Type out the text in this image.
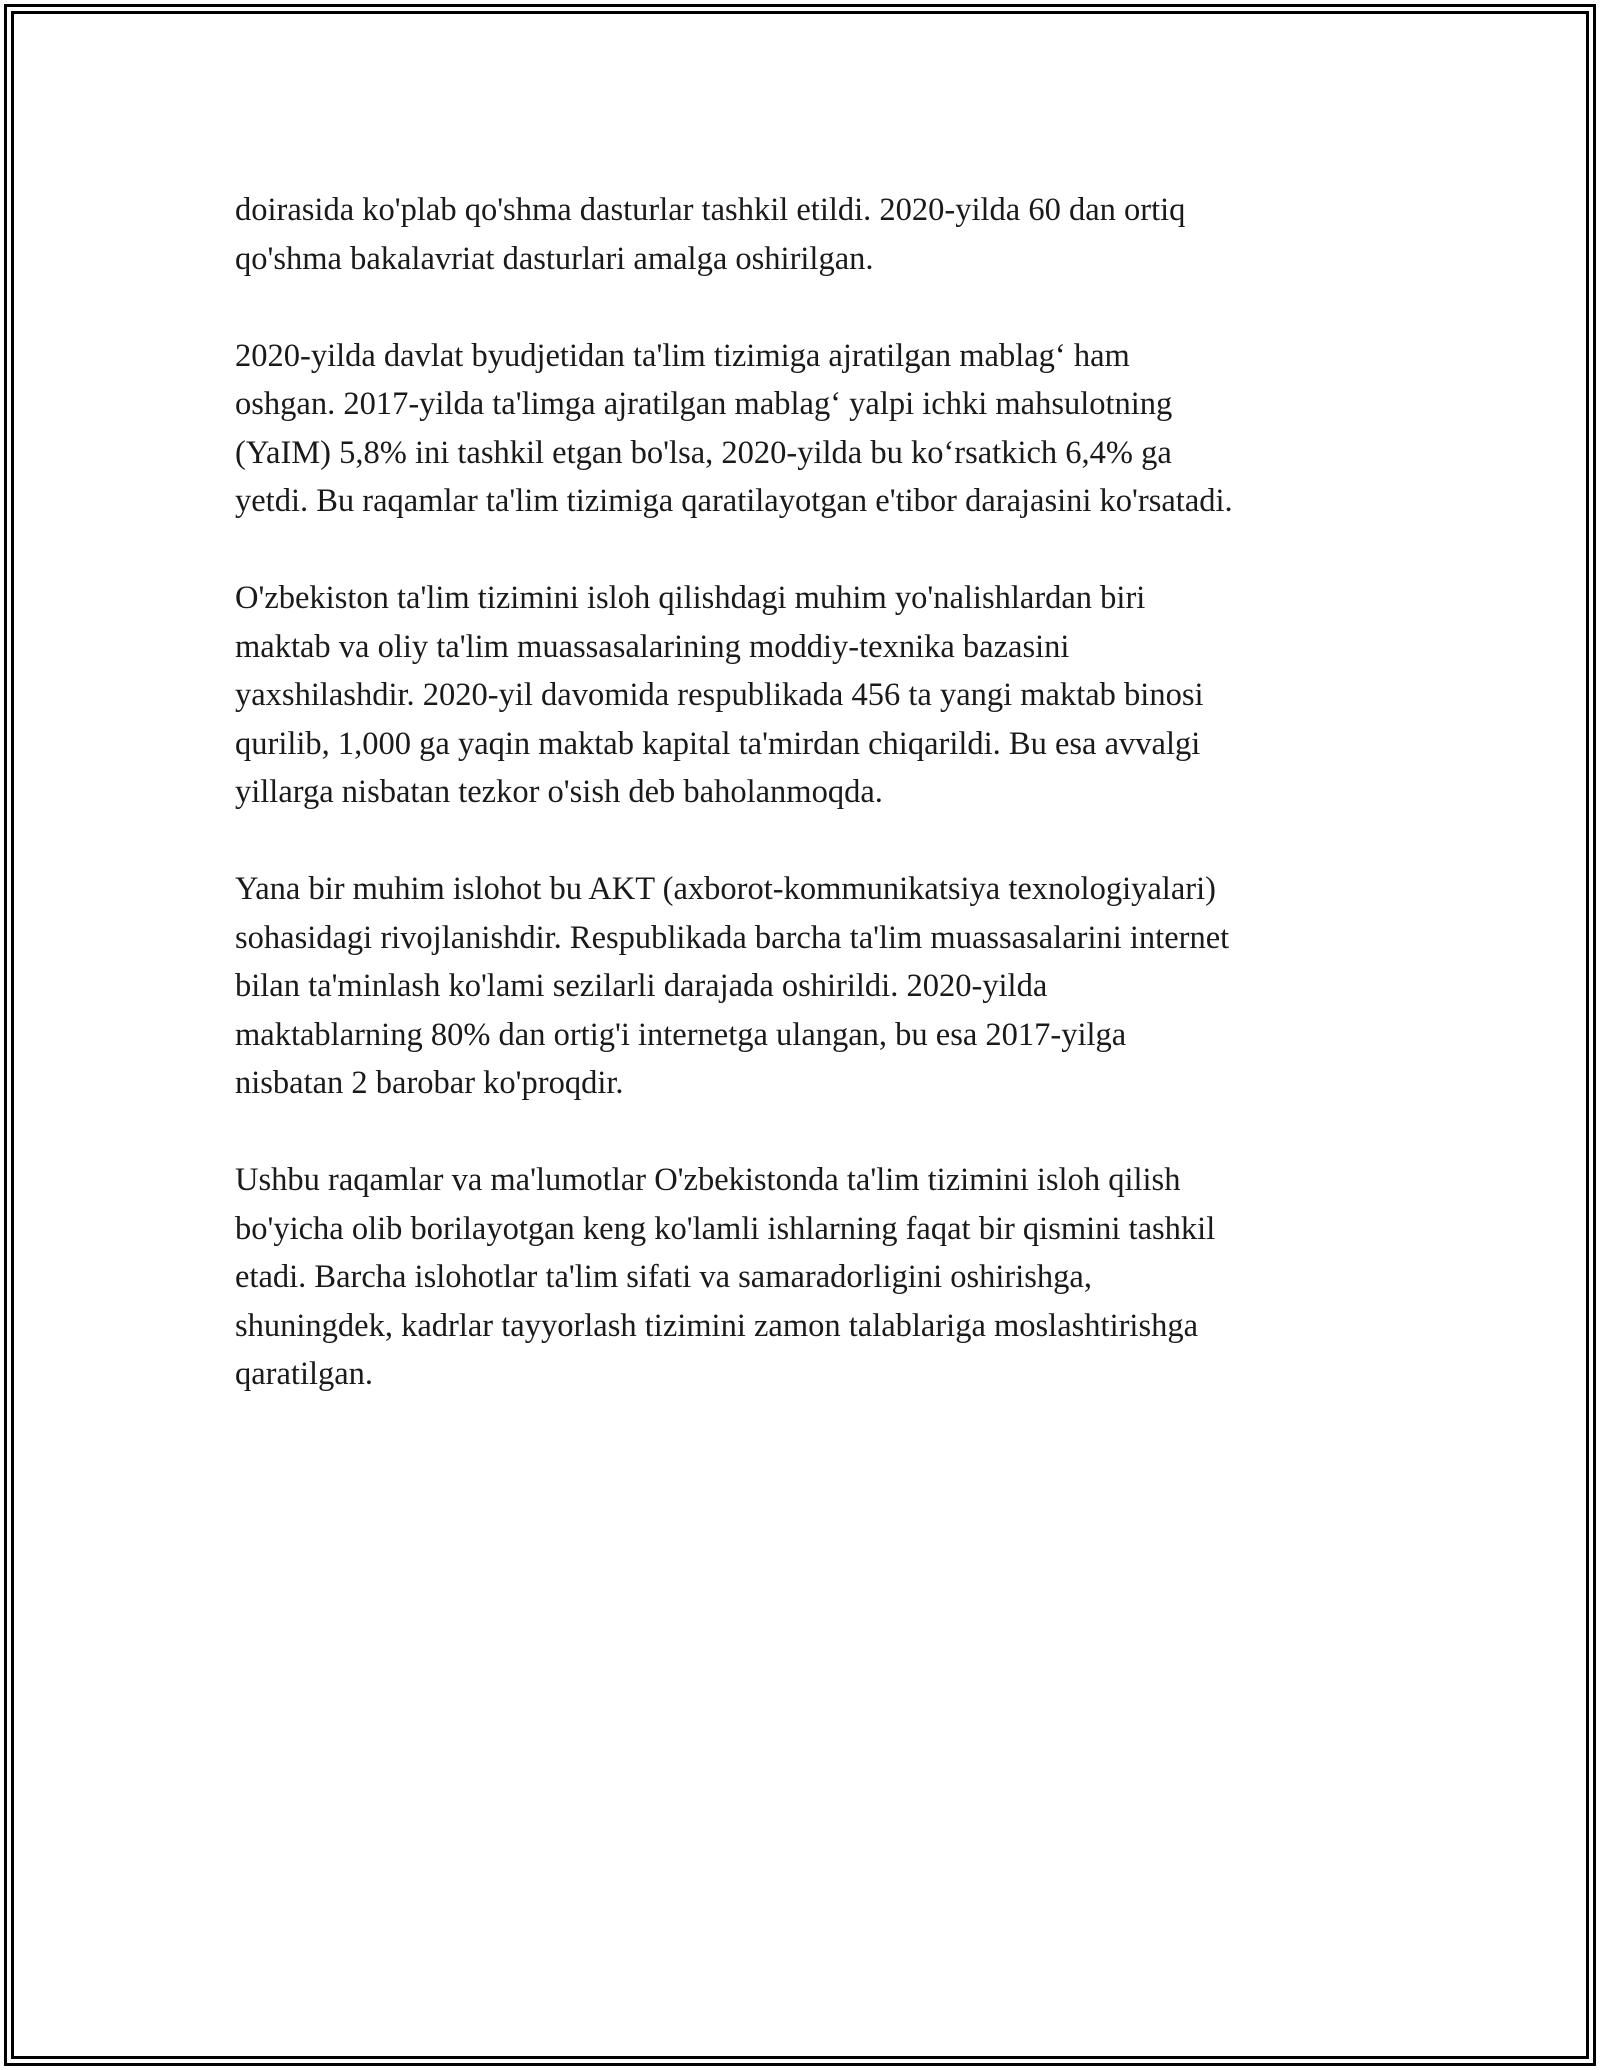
doirasida ko'plab qo'shma dasturlar tashkil etildi. 2020-yilda 60 dan ortiq
qo'shma bakalavriat dasturlari amalga oshirilgan.

2020-yilda davlat byudjetidan ta'lim tizimiga ajratilgan mablag‘ ham
oshgan. 2017-yilda ta'limga ajratilgan mablag‘ yalpi ichki mahsulotning
(YaIM) 5,8% ini tashkil etgan bo'lsa, 2020-yilda bu ko‘rsatkich 6,4% ga
yetdi. Bu raqamlar ta'lim tizimiga qaratilayotgan e'tibor darajasini ko'rsatadi.

O'zbekiston ta'lim tizimini isloh qilishdagi muhim yo'nalishlardan biri
maktab va oliy ta'lim muassasalarining moddiy-texnika bazasini
yaxshilashdir. 2020-yil davomida respublikada 456 ta yangi maktab binosi
qurilib, 1,000 ga yaqin maktab kapital ta'mirdan chiqarildi. Bu esa avvalgi
yillarga nisbatan tezkor o'sish deb baholanmoqda.

Yana bir muhim islohot bu AKT (axborot-kommunikatsiya texnologiyalari)
sohasidagi rivojlanishdir. Respublikada barcha ta'lim muassasalarini internet
bilan ta'minlash ko'lami sezilarli darajada oshirildi. 2020-yilda
maktablarning 80% dan ortig'i internetga ulangan, bu esa 2017-yilga
nisbatan 2 barobar ko'proqdir.

Ushbu raqamlar va ma'lumotlar O'zbekistonda ta'lim tizimini isloh qilish
bo'yicha olib borilayotgan keng ko'lamli ishlarning faqat bir qismini tashkil
etadi. Barcha islohotlar ta'lim sifati va samaradorligini oshirishga,
shuningdek, kadrlar tayyorlash tizimini zamon talablariga moslashtirishga
qaratilgan.
